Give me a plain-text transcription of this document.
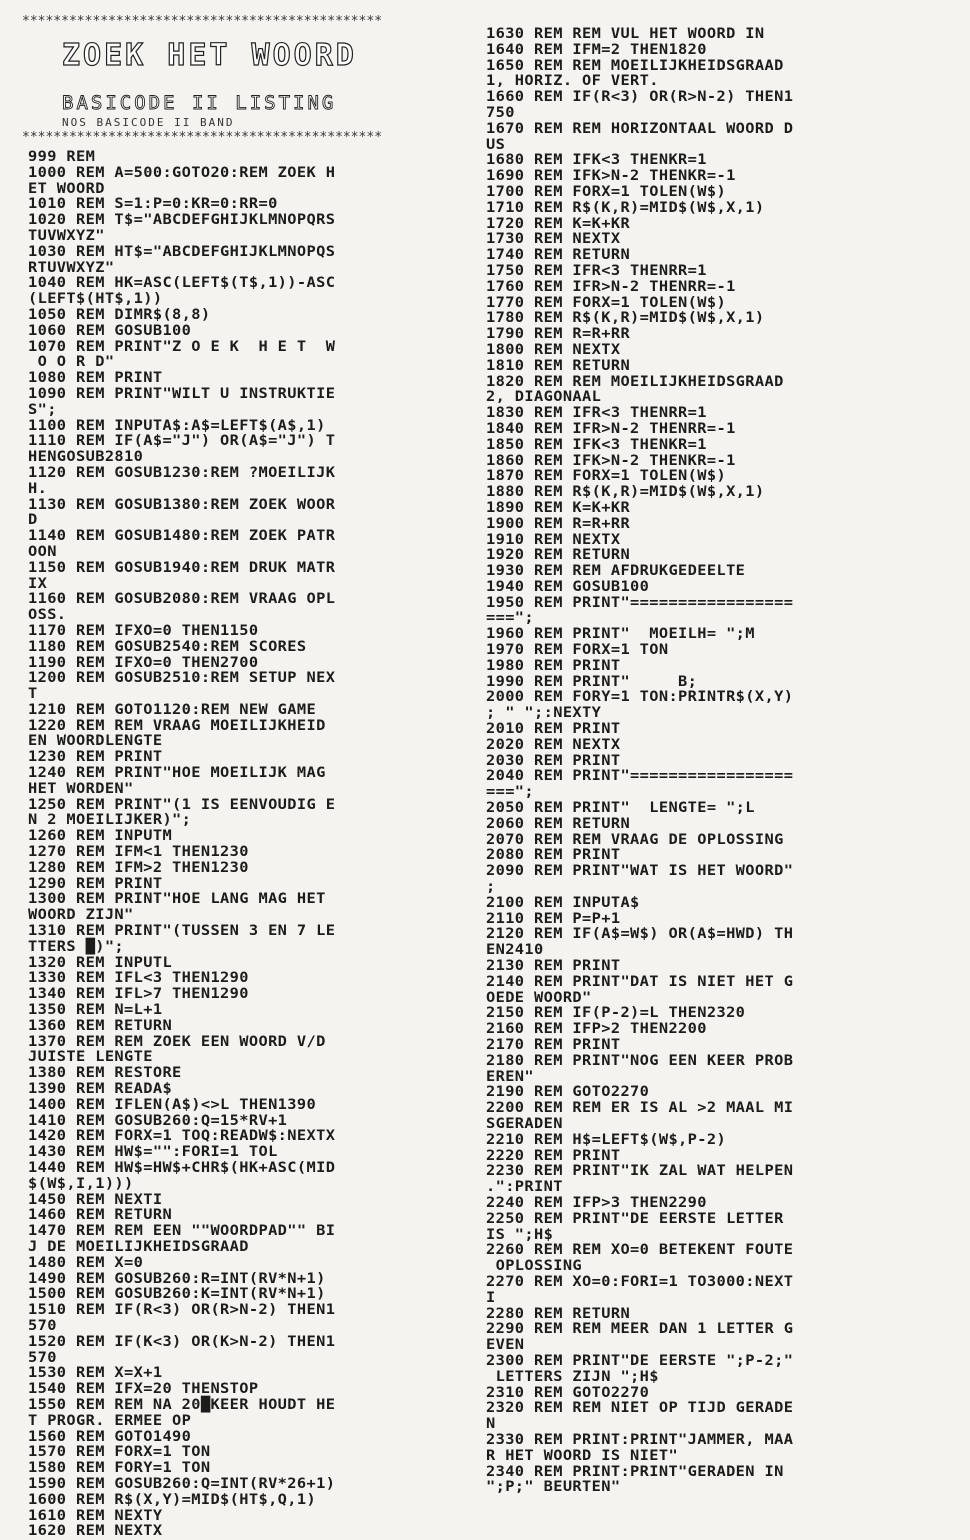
**********************************************
ZOEK HET WOORD
BASICODE II LISTING
NOS BASICODE II BAND
**********************************************
999 REM
1000 REM A=500:GOTO20:REM ZOEK H
ET WOORD
1010 REM S=1:P=0:KR=0:RR=0
1020 REM T$="ABCDEFGHIJKLMNOPQRS
TUVWXYZ"
1030 REM HT$="ABCDEFGHIJKLMNOPQS
RTUVWXYZ"
1040 REM HK=ASC(LEFT$(T$,1))-ASC
(LEFT$(HT$,1))
1050 REM DIMR$(8,8)
1060 REM GOSUB100
1070 REM PRINT"Z O E K  H E T  W
O O R D"
1080 REM PRINT
1090 REM PRINT"WILT U INSTRUKTIE
S";
1100 REM INPUTA$:A$=LEFT$(A$,1)
1110 REM IF(A$="J") OR(A$="J") T
HENGOSUB2810
1120 REM GOSUB1230:REM ?MOEILIJK
H.
1130 REM GOSUB1380:REM ZOEK WOOR
D
1140 REM GOSUB1480:REM ZOEK PATR
OON
1150 REM GOSUB1940:REM DRUK MATR
IX
1160 REM GOSUB2080:REM VRAAG OPL
OSS.
1170 REM IFXO=0 THEN1150
1180 REM GOSUB2540:REM SCORES
1190 REM IFXO=0 THEN2700
1200 REM GOSUB2510:REM SETUP NEX
T
1210 REM GOTO1120:REM NEW GAME
1220 REM REM VRAAG MOEILIJKHEID
EN WOORDLENGTE
1230 REM PRINT
1240 REM PRINT"HOE MOEILIJK MAG
HET WORDEN"
1250 REM PRINT"(1 IS EENVOUDIG E
N 2 MOEILIJKER)";
1260 REM INPUTM
1270 REM IFM<1 THEN1230
1280 REM IFM>2 THEN1230
1290 REM PRINT
1300 REM PRINT"HOE LANG MAG HET
WOORD ZIJN"
1310 REM PRINT"(TUSSEN 3 EN 7 LE
TTERS █)";
1320 REM INPUTL
1330 REM IFL<3 THEN1290
1340 REM IFL>7 THEN1290
1350 REM N=L+1
1360 REM RETURN
1370 REM REM ZOEK EEN WOORD V/D
JUISTE LENGTE
1380 REM RESTORE
1390 REM READA$
1400 REM IFLEN(A$)<>L THEN1390
1410 REM GOSUB260:Q=15*RV+1
1420 REM FORX=1 TOQ:READW$:NEXTX
1430 REM HW$="":FORI=1 TOL
1440 REM HW$=HW$+CHR$(HK+ASC(MID
$(W$,I,1)))
1450 REM NEXTI
1460 REM RETURN
1470 REM REM EEN ""WOORDPAD"" BI
J DE MOEILIJKHEIDSGRAAD
1480 REM X=0
1490 REM GOSUB260:R=INT(RV*N+1)
1500 REM GOSUB260:K=INT(RV*N+1)
1510 REM IF(R<3) OR(R>N-2) THEN1
570
1520 REM IF(K<3) OR(K>N-2) THEN1
570
1530 REM X=X+1
1540 REM IFX=20 THENSTOP
1550 REM REM NA 20█KEER HOUDT HE
T PROGR. ERMEE OP
1560 REM GOTO1490
1570 REM FORX=1 TON
1580 REM FORY=1 TON
1590 REM GOSUB260:Q=INT(RV*26+1)
1600 REM R$(X,Y)=MID$(HT$,Q,1)
1610 REM NEXTY
1620 REM NEXTX
1630 REM REM VUL HET WOORD IN
1640 REM IFM=2 THEN1820
1650 REM REM MOEILIJKHEIDSGRAAD
1, HORIZ. OF VERT.
1660 REM IF(R<3) OR(R>N-2) THEN1
750
1670 REM REM HORIZONTAAL WOORD D
US
1680 REM IFK<3 THENKR=1
1690 REM IFK>N-2 THENKR=-1
1700 REM FORX=1 TOLEN(W$)
1710 REM R$(K,R)=MID$(W$,X,1)
1720 REM K=K+KR
1730 REM NEXTX
1740 REM RETURN
1750 REM IFR<3 THENRR=1
1760 REM IFR>N-2 THENRR=-1
1770 REM FORX=1 TOLEN(W$)
1780 REM R$(K,R)=MID$(W$,X,1)
1790 REM R=R+RR
1800 REM NEXTX
1810 REM RETURN
1820 REM REM MOEILIJKHEIDSGRAAD
2, DIAGONAAL
1830 REM IFR<3 THENRR=1
1840 REM IFR>N-2 THENRR=-1
1850 REM IFK<3 THENKR=1
1860 REM IFK>N-2 THENKR=-1
1870 REM FORX=1 TOLEN(W$)
1880 REM R$(K,R)=MID$(W$,X,1)
1890 REM K=K+KR
1900 REM R=R+RR
1910 REM NEXTX
1920 REM RETURN
1930 REM REM AFDRUKGEDEELTE
1940 REM GOSUB100
1950 REM PRINT"=================
===";
1960 REM PRINT"  MOEILH= ";M
1970 REM FORX=1 TON
1980 REM PRINT
1990 REM PRINT"     B;
2000 REM FORY=1 TON:PRINTR$(X,Y)
; " ";:NEXTY
2010 REM PRINT
2020 REM NEXTX
2030 REM PRINT
2040 REM PRINT"=================
===";
2050 REM PRINT"  LENGTE= ";L
2060 REM RETURN
2070 REM REM VRAAG DE OPLOSSING
2080 REM PRINT
2090 REM PRINT"WAT IS HET WOORD"
;
2100 REM INPUTA$
2110 REM P=P+1
2120 REM IF(A$=W$) OR(A$=HWD) TH
EN2410
2130 REM PRINT
2140 REM PRINT"DAT IS NIET HET G
OEDE WOORD"
2150 REM IF(P-2)=L THEN2320
2160 REM IFP>2 THEN2200
2170 REM PRINT
2180 REM PRINT"NOG EEN KEER PROB
EREN"
2190 REM GOTO2270
2200 REM REM ER IS AL >2 MAAL MI
SGERADEN
2210 REM H$=LEFT$(W$,P-2)
2220 REM PRINT
2230 REM PRINT"IK ZAL WAT HELPEN
.":PRINT
2240 REM IFP>3 THEN2290
2250 REM PRINT"DE EERSTE LETTER
IS ";H$
2260 REM REM XO=0 BETEKENT FOUTE
OPLOSSING
2270 REM XO=0:FORI=1 TO3000:NEXT
I
2280 REM RETURN
2290 REM REM MEER DAN 1 LETTER G
EVEN
2300 REM PRINT"DE EERSTE ";P-2;"
LETTERS ZIJN ";H$
2310 REM GOTO2270
2320 REM REM NIET OP TIJD GERADE
N
2330 REM PRINT:PRINT"JAMMER, MAA
R HET WOORD IS NIET"
2340 REM PRINT:PRINT"GERADEN IN
";P;" BEURTEN"
